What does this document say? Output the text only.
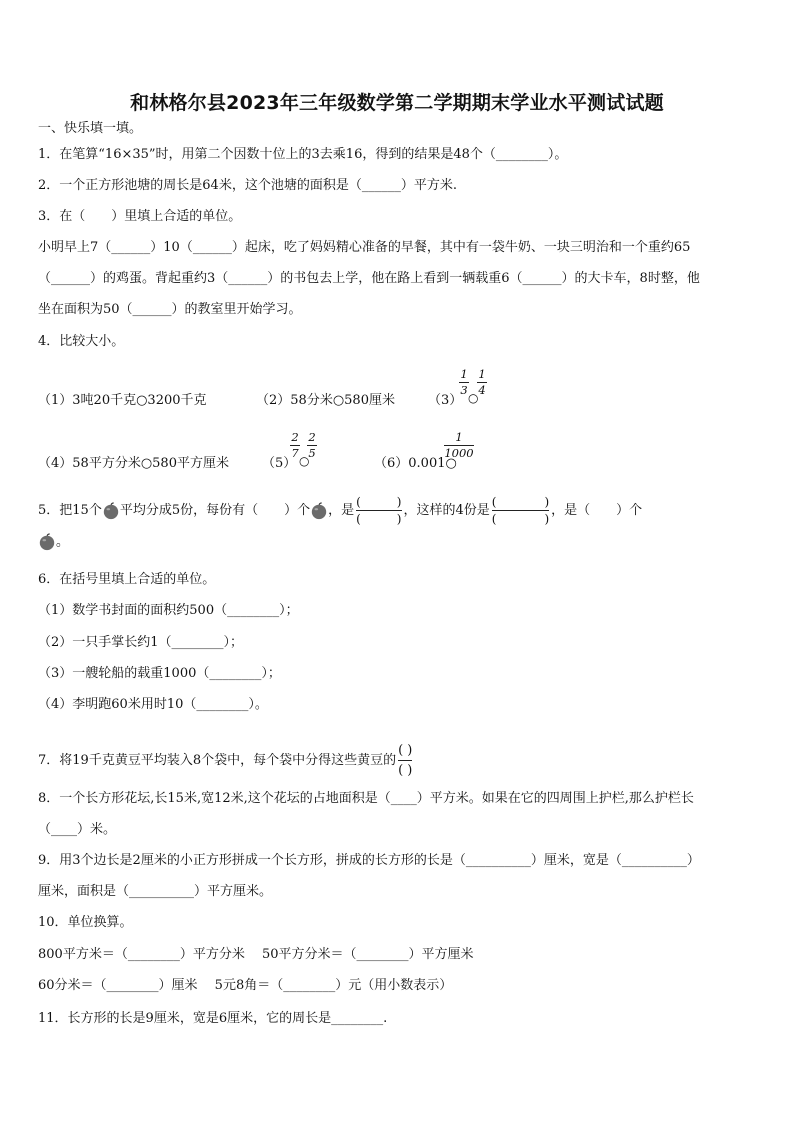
和林格尔县2023年三年级数学第二学期期末学业水平测试试题
一、快乐填一填。
1．在笔算“16×35”时，用第二个因数十位上的3去乘16，得到的结果是48个（________）。
2．一个正方形池塘的周长是64米，这个池塘的面积是（______）平方米.
3．在（　　）里填上合适的单位。
小明早上7（______）10（______）起床，吃了妈妈精心准备的早餐，其中有一袋牛奶、一块三明治和一个重约65
（______）的鸡蛋。背起重约3（______）的书包去上学，他在路上看到一辆载重6（______）的大卡车，8时整，他
坐在面积为50（______）的教室里开始学习。
4．比较大小。
（1）3吨20千克○3200千克	（2）58分米○580厘米	（3）
1
3
○
1
4
（4）58平方分米○580平方厘米	（5）
2
7
○
2
5
（6）0.001○
1
1000
5．把15个 平均分成5份，每份有（　　）个 ，是(　　　)
(　　　)，这样的4份是(　　　　)
(　　　　)，是（　　）个
。
6．在括号里填上合适的单位。
（1）数学书封面的面积约500（________）；
（2）一只手掌长约1（________）；
（3）一艘轮船的载重1000（________）；
（4）李明跑60米用时10（________）。
7．将19千克黄豆平均装入8个袋中，每个袋中分得这些黄豆的( )
( )
8．一个长方形花坛,长15米,宽12米,这个花坛的占地面积是（____）平方米。如果在它的四周围上护栏,那么护栏长
（____）米。
9．用3个边长是2厘米的小正方形拼成一个长方形，拼成的长方形的长是（__________）厘米，宽是（__________）
厘米，面积是（__________）平方厘米。
10．单位换算。
800平方米＝（________）平方分米　 50平方分米＝（________）平方厘米
60分米＝（________）厘米　 5元8角＝（________）元（用小数表示）
11．长方形的长是9厘米，宽是6厘米，它的周长是________.
